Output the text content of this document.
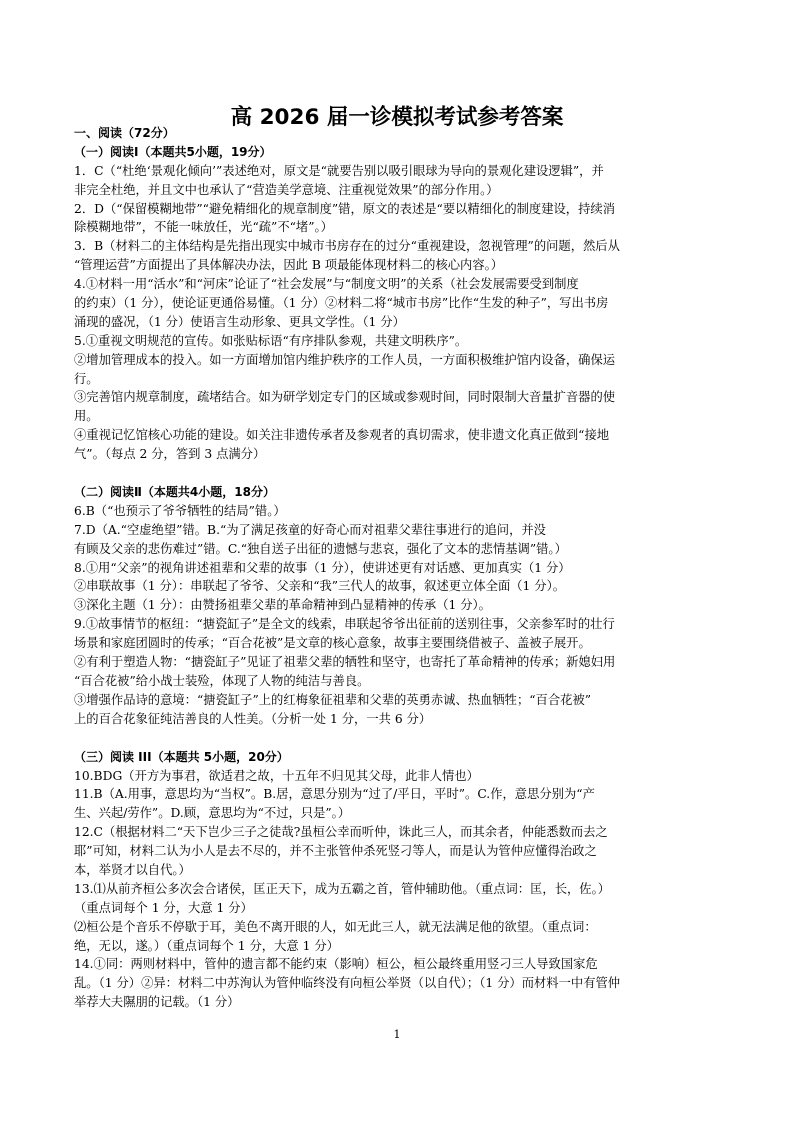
高 2026 届一诊模拟考试参考答案
一、阅读（72分）
（一）阅读Ⅰ（本题共5小题，19分）
1．C（“杜绝‘景观化倾向’”表述绝对，原文是“就要告别以吸引眼球为导向的景观化建设逻辑”，并
非完全杜绝，并且文中也承认了“营造美学意境、注重视觉效果”的部分作用。）
2．D（“保留模糊地带”“避免精细化的规章制度”错，原文的表述是“要以精细化的制度建设，持续消
除模糊地带”，不能一味放任，光“疏”不“堵”。）
3．B（材料二的主体结构是先指出现实中城市书房存在的过分“重视建设，忽视管理”的问题，然后从
“管理运营”方面提出了具体解决办法，因此 B 项最能体现材料二的核心内容。）
4.①材料一用“活水”和“河床”论证了“社会发展”与“制度文明”的关系（社会发展需要受到制度
的约束）（1 分），使论证更通俗易懂。（1 分）②材料二将“城市书房”比作“生发的种子”，写出书房
涌现的盛况，（1 分）使语言生动形象、更具文学性。（1 分）
5.①重视文明规范的宣传。如张贴标语“有序排队参观，共建文明秩序”。
②增加管理成本的投入。如一方面增加馆内维护秩序的工作人员，一方面积极维护馆内设备，确保运
行。
③完善馆内规章制度，疏堵结合。如为研学划定专门的区域或参观时间，同时限制大音量扩音器的使
用。
④重视记忆馆核心功能的建设。如关注非遗传承者及参观者的真切需求，使非遗文化真正做到“接地
气”。（每点 2 分，答到 3 点满分）
（二）阅读Ⅱ（本题共4小题，18分）
6.B（“也预示了爷爷牺牲的结局”错。）
7.D（A.“空虚绝望”错。B.“为了满足孩童的好奇心而对祖辈父辈往事进行的追问，并没
有顾及父亲的悲伤难过”错。C.“独自送子出征的遗憾与悲哀，强化了文本的悲情基调”错。）
8.①用“父亲”的视角讲述祖辈和父辈的故事（1 分），使讲述更有对话感、更加真实（1 分）
②串联故事（1 分）：串联起了爷爷、父亲和“我”三代人的故事，叙述更立体全面（1 分）。
③深化主题（1 分）：由赞扬祖辈父辈的革命精神到凸显精神的传承（1 分）。
9.①故事情节的枢纽：“搪瓷缸子”是全文的线索，串联起爷爷出征前的送别往事，父亲参军时的壮行
场景和家庭团圆时的传承；“百合花被”是文章的核心意象，故事主要围绕借被子、盖被子展开。
②有利于塑造人物：“搪瓷缸子”见证了祖辈父辈的牺牲和坚守，也寄托了革命精神的传承；新媳妇用
“百合花被”给小战士装殓，体现了人物的纯洁与善良。
③增强作品诗的意境：“搪瓷缸子”上的红梅象征祖辈和父辈的英勇赤诚、热血牺牲；“百合花被”
上的百合花象征纯洁善良的人性美。（分析一处 1 分，一共 6 分）
（三）阅读 III（本题共 5小题，20分）
10.BDG（开方为事君，欲适君之故，十五年不归见其父母，此非人情也）
11.B（A.用事，意思均为“当权”。B.居，意思分别为“过了/平日，平时”。C.作，意思分别为“产
生、兴起/劳作”。D.顾，意思均为“不过，只是”。）
12.C（根据材料二“天下岂少三子之徒哉?虽桓公幸而听仲，诛此三人，而其余者，仲能悉数而去之
耶”可知，材料二认为小人是去不尽的，并不主张管仲杀死竖刁等人，而是认为管仲应懂得治政之
本，举贤才以自代。）
13.⑴从前齐桓公多次会合诸侯，匡正天下，成为五霸之首，管仲辅助他。（重点词：匡，长，佐。）
（重点词每个 1 分，大意 1 分）
⑵桓公是个音乐不停歇于耳，美色不离开眼的人，如无此三人，就无法满足他的欲望。（重点词：
绝，无以，遂。）（重点词每个 1 分，大意 1 分）
14.①同：两则材料中，管仲的遗言都不能约束（影响）桓公，桓公最终重用竖刁三人导致国家危
乱。（1 分）②异：材料二中苏洵认为管仲临终没有向桓公举贤（以自代）；（1 分）而材料一中有管仲
举荐大夫隰朋的记载。（1 分）
1
